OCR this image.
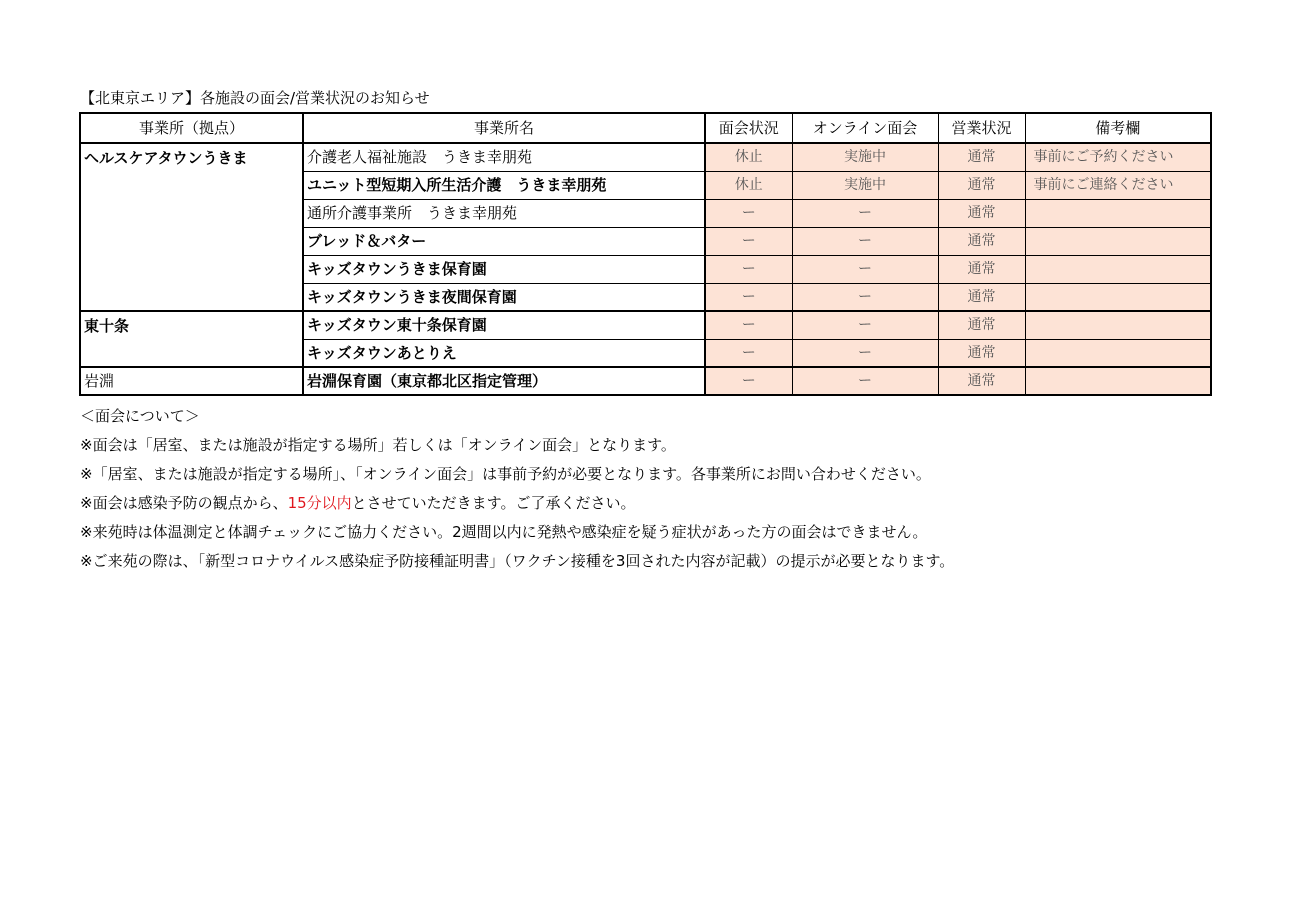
【北東京エリア】各施設の面会/営業状況のお知らせ
事業所（拠点）	事業所名	面会状況	オンライン面会	営業状況	備考欄
ヘルスケアタウンうきま	介護老人福祉施設　うきま幸朋苑	休止	実施中	通常	事前にご予約ください
	ユニット型短期入所生活介護　うきま幸朋苑	休止	実施中	通常	事前にご連絡ください
	通所介護事業所　うきま幸朋苑	ー	ー	通常	
	ブレッド＆バター	ー	ー	通常	
	キッズタウンうきま保育園	ー	ー	通常	
	キッズタウンうきま夜間保育園	ー	ー	通常	
東十条	キッズタウン東十条保育園	ー	ー	通常	
	キッズタウンあとりえ	ー	ー	通常	
岩淵	岩淵保育園（東京都北区指定管理）	ー	ー	通常	

＜面会について＞

※面会は「居室、または施設が指定する場所」若しくは「オンライン面会」となります。

※「居室、または施設が指定する場所」、「オンライン面会」は事前予約が必要となります。各事業所にお問い合わせください。

※面会は感染予防の観点から、15分以内とさせていただきます。ご了承ください。

※来苑時は体温測定と体調チェックにご協力ください。2週間以内に発熱や感染症を疑う症状があった方の面会はできません。

※ご来苑の際は、「新型コロナウイルス感染症予防接種証明書」（ワクチン接種を3回された内容が記載）の提示が必要となります。
